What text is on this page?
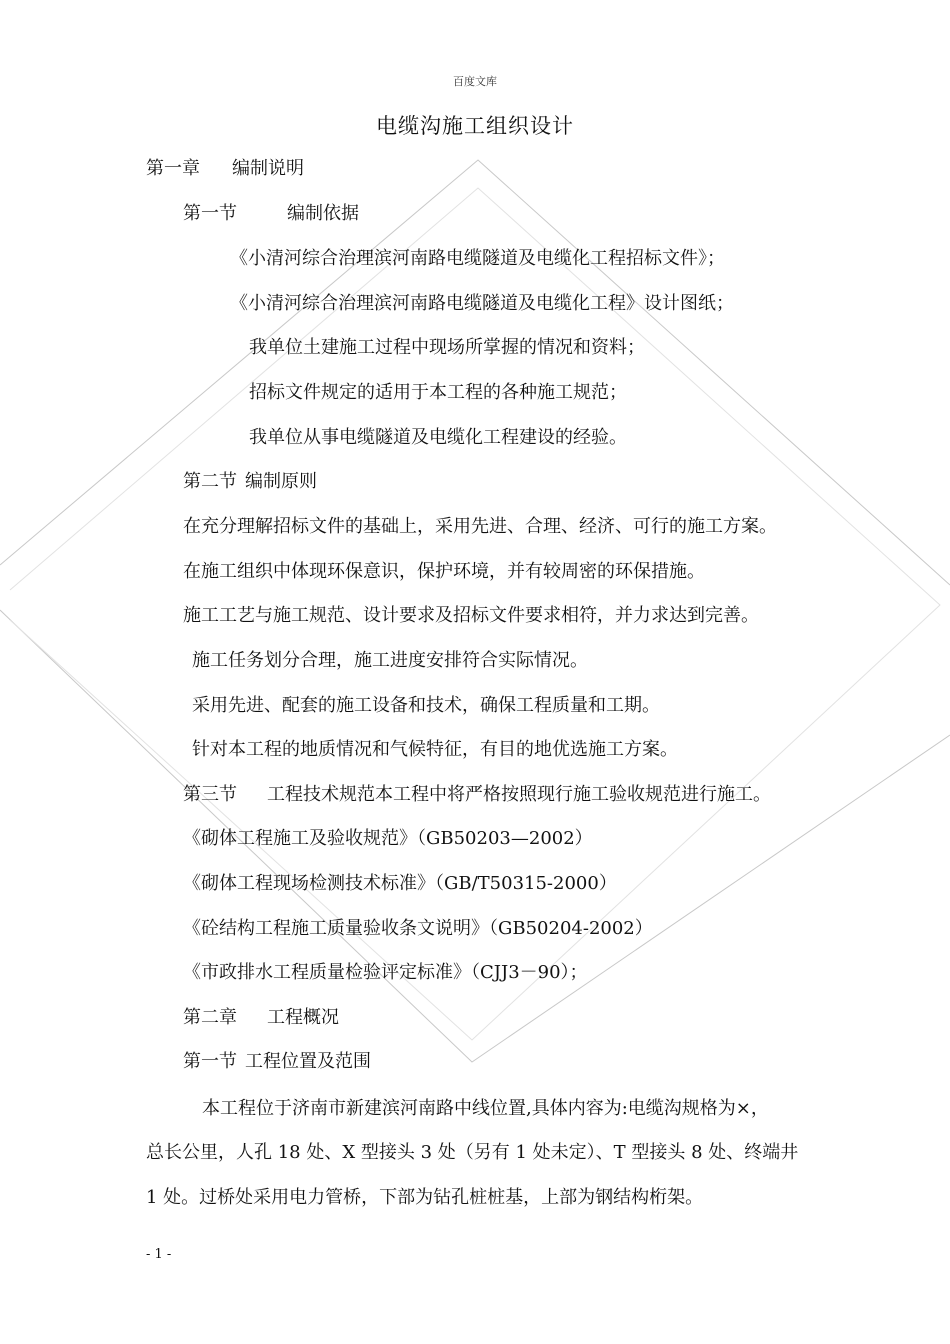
百度文库
电缆沟施工组织设计
第一章 编制说明
第一节	编制依据
《小清河综合治理滨河南路电缆隧道及电缆化工程招标文件》；
《小清河综合治理滨河南路电缆隧道及电缆化工程》设计图纸；
我单位土建施工过程中现场所掌握的情况和资料；
招标文件规定的适用于本工程的各种施工规范；
我单位从事电缆隧道及电缆化工程建设的经验。
第二节 编制原则
在充分理解招标文件的基础上，采用先进、合理、经济、可行的施工方案。
在施工组织中体现环保意识，保护环境，并有较周密的环保措施。
施工工艺与施工规范、设计要求及招标文件要求相符，并力求达到完善。
施工任务划分合理，施工进度安排符合实际情况。
采用先进、配套的施工设备和技术，确保工程质量和工期。
针对本工程的地质情况和气候特征，有目的地优选施工方案。
第三节 工程技术规范本工程中将严格按照现行施工验收规范进行施工。
《砌体工程施工及验收规范》（GB50203—2002）
《砌体工程现场检测技术标准》（GB/T50315-2000）
《砼结构工程施工质量验收条文说明》（GB50204-2002）
《市政排水工程质量检验评定标准》（CJJ3－90）；
第二章 工程概况
第一节 工程位置及范围
本工程位于济南市新建滨河南路中线位置,具体内容为:电缆沟规格为×，
总长公里，人孔 18 处、X 型接头 3 处（另有 1 处未定）、T 型接头 8 处、终端井
1 处。过桥处采用电力管桥，下部为钻孔桩桩基，上部为钢结构桁架。
- 1 -
